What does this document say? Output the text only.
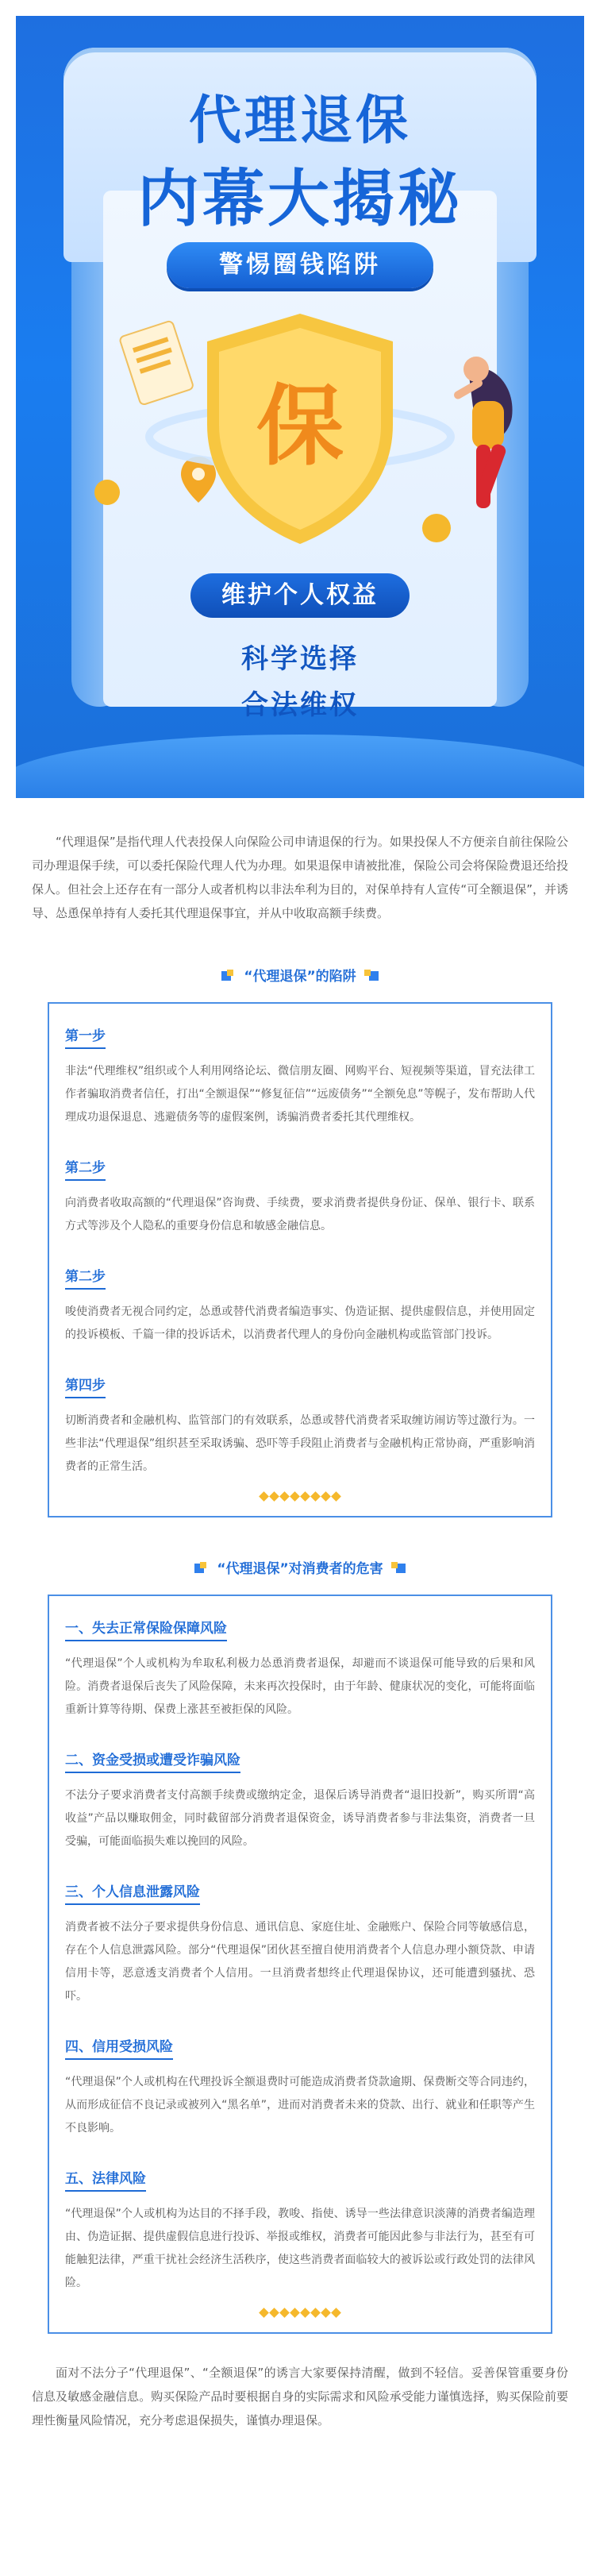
代理退保
内幕大揭秘
警惕圈钱陷阱
保
维护个人权益
科学选择
合法维权

“代理退保”是指代理人代表投保人向保险公司申请退保的行为。如果投保人不方便亲自前往保险公司办理退保手续，可以委托保险代理人代为办理。如果退保申请被批准，保险公司会将保险费退还给投保人。但社会上还存在有一部分人或者机构以非法牟利为目的，对保单持有人宣传“可全额退保”，并诱导、怂恿保单持有人委托其代理退保事宜，并从中收取高额手续费。

“代理退保”的陷阱
第一步

非法“代理维权”组织或个人利用网络论坛、微信朋友圈、网购平台、短视频等渠道，冒充法律工作者骗取消费者信任，打出“全额退保”“修复征信”“远废债务”“全额免息”等幌子，发布帮助人代理成功退保退息、逃避债务等的虚假案例，诱骗消费者委托其代理维权。

第二步

向消费者收取高额的“代理退保”咨询费、手续费，要求消费者提供身份证、保单、银行卡、联系方式等涉及个人隐私的重要身份信息和敏感金融信息。

第二步

唆使消费者无视合同约定，怂恿或替代消费者编造事实、伪造证据、提供虚假信息，并使用固定的投诉模板、千篇一律的投诉话术，以消费者代理人的身份向金融机构或监管部门投诉。

第四步

切断消费者和金融机构、监管部门的有效联系，怂恿或替代消费者采取缠访闹访等过激行为。一些非法“代理退保”组织甚至采取诱骗、恐吓等手段阻止消费者与金融机构正常协商，严重影响消费者的正常生活。

“代理退保”对消费者的危害
一、失去正常保险保障风险

“代理退保”个人或机构为牟取私利极力怂恿消费者退保，却避而不谈退保可能导致的后果和风险。消费者退保后丧失了风险保障，未来再次投保时，由于年龄、健康状况的变化，可能将面临重新计算等待期、保费上涨甚至被拒保的风险。

二、资金受损或遭受诈骗风险

不法分子要求消费者支付高额手续费或缴纳定金，退保后诱导消费者“退旧投新”，购买所谓“高收益”产品以赚取佣金，同时截留部分消费者退保资金，诱导消费者参与非法集资，消费者一旦受骗，可能面临损失难以挽回的风险。

三、个人信息泄露风险

消费者被不法分子要求提供身份信息、通讯信息、家庭住址、金融账户、保险合同等敏感信息，存在个人信息泄露风险。部分“代理退保”团伙甚至擅自使用消费者个人信息办理小额贷款、申请信用卡等，恶意透支消费者个人信用。一旦消费者想终止代理退保协议，还可能遭到骚扰、恐吓。

四、信用受损风险

“代理退保”个人或机构在代理投诉全额退费时可能造成消费者贷款逾期、保费断交等合同违约，从而形成征信不良记录或被列入“黑名单”，进而对消费者未来的贷款、出行、就业和任职等产生不良影响。

五、法律风险

“代理退保”个人或机构为达目的不择手段，教唆、指使、诱导一些法律意识淡薄的消费者编造理由、伪造证据、提供虚假信息进行投诉、举报或维权，消费者可能因此参与非法行为，甚至有可能触犯法律，严重干扰社会经济生活秩序，使这些消费者面临较大的被诉讼或行政处罚的法律风险。

面对不法分子“代理退保”、“全额退保”的诱言大家要保持清醒，做到不轻信。妥善保管重要身份信息及敏感金融信息。购买保险产品时要根据自身的实际需求和风险承受能力谨慎选择，购买保险前要理性衡量风险情况，充分考虑退保损失，谨慎办理退保。
